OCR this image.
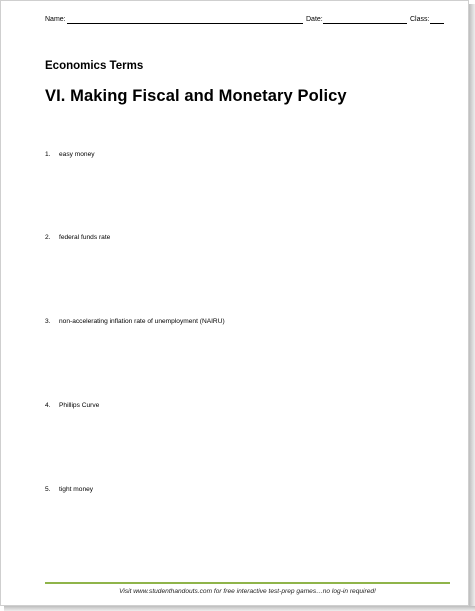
Name:	Date:	Class:
Economics Terms
VI. Making Fiscal and Monetary Policy
1. easy money
2. federal funds rate
3. non-accelerating inflation rate of unemployment (NAIRU)
4. Phillips Curve
5. tight money
Visit www.studenthandouts.com for free interactive test-prep games…no log-in required!
